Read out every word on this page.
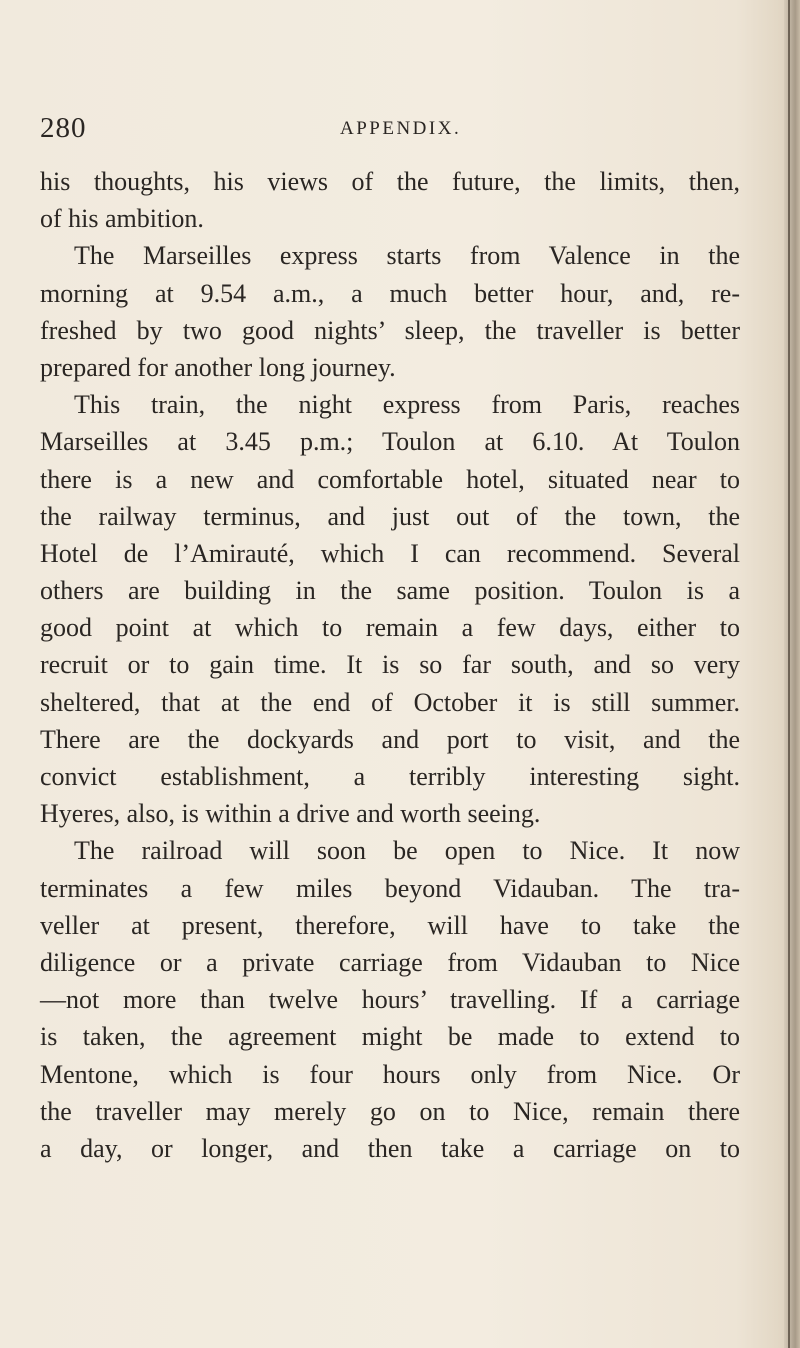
280	APPENDIX.
his thoughts, his views of the future, the limits, then,
of his ambition.
The Marseilles express starts from Valence in the
morning at 9.54 a.m., a much better hour, and, re-
freshed by two good nights’ sleep, the traveller is better
prepared for another long journey.
This train, the night express from Paris, reaches
Marseilles at 3.45 p.m.; Toulon at 6.10. At Toulon
there is a new and comfortable hotel, situated near to
the railway terminus, and just out of the town, the
Hotel de l’Amirauté, which I can recommend. Several
others are building in the same position. Toulon is a
good point at which to remain a few days, either to
recruit or to gain time. It is so far south, and so very
sheltered, that at the end of October it is still summer.
There are the dockyards and port to visit, and the
convict establishment, a terribly interesting sight.
Hyeres, also, is within a drive and worth seeing.
The railroad will soon be open to Nice. It now
terminates a few miles beyond Vidauban. The tra-
veller at present, therefore, will have to take the
diligence or a private carriage from Vidauban to Nice
—not more than twelve hours’ travelling. If a carriage
is taken, the agreement might be made to extend to
Mentone, which is four hours only from Nice. Or
the traveller may merely go on to Nice, remain there
a day, or longer, and then take a carriage on to
